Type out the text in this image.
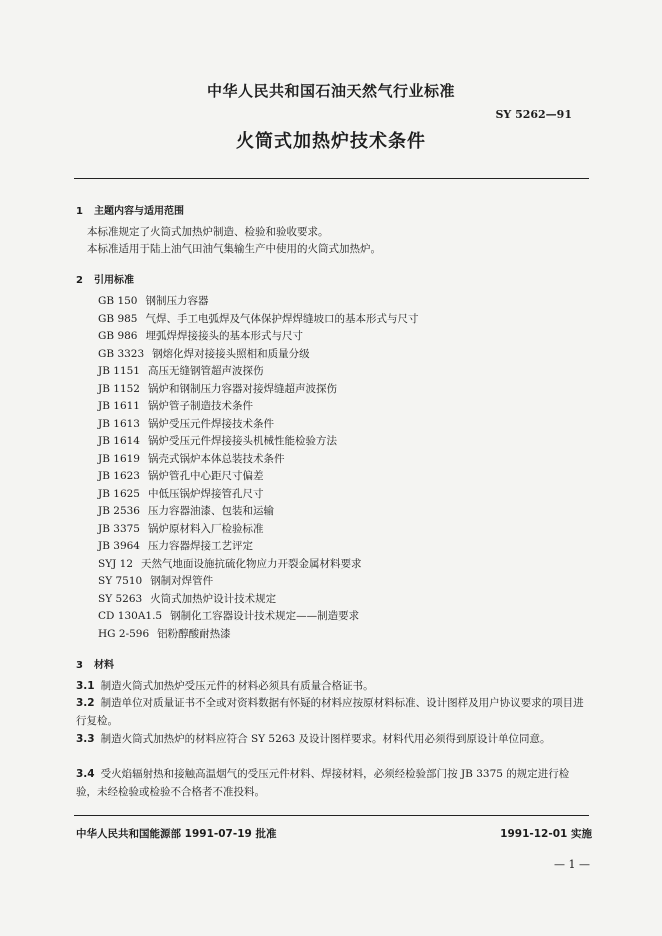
中华人民共和国石油天然气行业标准
SY 5262—91
火筒式加热炉技术条件
1 主题内容与适用范围
本标准规定了火筒式加热炉制造、检验和验收要求。
本标准适用于陆上油气田油气集输生产中使用的火筒式加热炉。
2 引用标准
GB 150 钢制压力容器
GB 985 气焊、手工电弧焊及气体保护焊焊缝坡口的基本形式与尺寸
GB 986 埋弧焊焊接接头的基本形式与尺寸
GB 3323 钢熔化焊对接接头照相和质量分级
JB 1151 高压无缝钢管超声波探伤
JB 1152 锅炉和钢制压力容器对接焊缝超声波探伤
JB 1611 锅炉管子制造技术条件
JB 1613 锅炉受压元件焊接技术条件
JB 1614 锅炉受压元件焊接接头机械性能检验方法
JB 1619 锅壳式锅炉本体总装技术条件
JB 1623 锅炉管孔中心距尺寸偏差
JB 1625 中低压锅炉焊接管孔尺寸
JB 2536 压力容器油漆、包装和运输
JB 3375 锅炉原材料入厂检验标准
JB 3964 压力容器焊接工艺评定
SYJ 12 天然气地面设施抗硫化物应力开裂金属材料要求
SY 7510 钢制对焊管件
SY 5263 火筒式加热炉设计技术规定
CD 130A1.5 钢制化工容器设计技术规定——制造要求
HG 2-596 铝粉醇酸耐热漆
3 材料
3.1 制造火筒式加热炉受压元件的材料必须具有质量合格证书。
3.2 制造单位对质量证书不全或对资料数据有怀疑的材料应按原材料标准、设计图样及用户协议要求的项目进行复检。
3.3 制造火筒式加热炉的材料应符合 SY 5263 及设计图样要求。材料代用必须得到原设计单位同意。
3.4 受火焰辐射热和接触高温烟气的受压元件材料、焊接材料，必须经检验部门按 JB 3375 的规定进行检验，未经检验或检验不合格者不准投料。
中华人民共和国能源部 1991-07-19 批准	1991-12-01 实施
— 1 —
